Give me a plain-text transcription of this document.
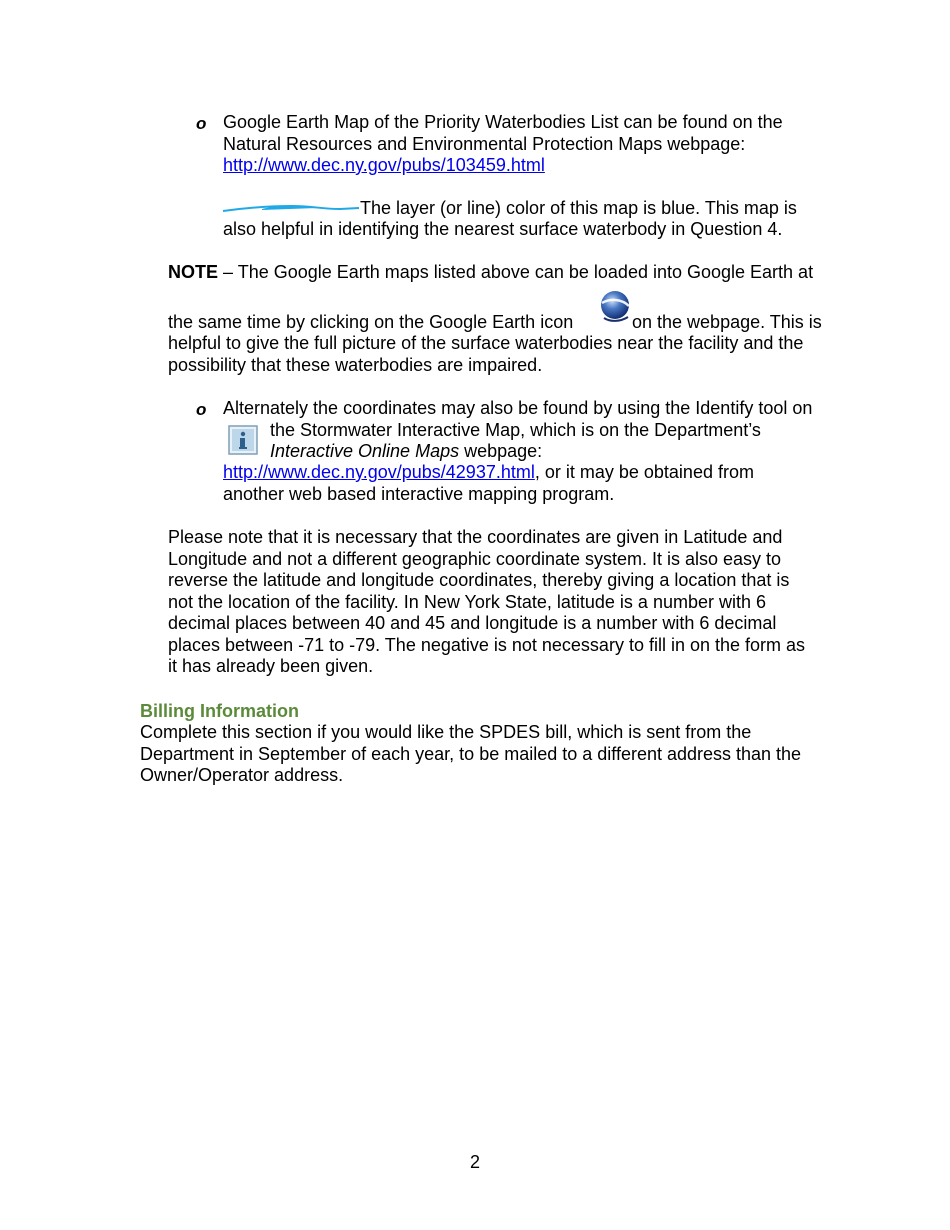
o Google Earth Map of the Priority Waterbodies List can be found on the

Natural Resources and Environmental Protection Maps webpage:

http://www.dec.ny.gov/pubs/103459.html

The layer (or line) color of this map is blue. This map is
also helpful in identifying the nearest surface waterbody in Question 4.
NOTE – The Google Earth maps listed above can be loaded into Google Earth at
the same time by clicking on the Google Earth icon	on the webpage. This is
helpful to give the full picture of the surface waterbodies near the facility and the
possibility that these waterbodies are impaired.
o Alternately the coordinates may also be found by using the Identify tool on
the Stormwater Interactive Map, which is on the Department’s
Interactive Online Maps webpage:
http://www.dec.ny.gov/pubs/42937.html, or it may be obtained from
another web based interactive mapping program.

Please note that it is necessary that the coordinates are given in Latitude and

Longitude and not a different geographic coordinate system. It is also easy to

reverse the latitude and longitude coordinates, thereby giving a location that is

not the location of the facility. In New York State, latitude is a number with 6

decimal places between 40 and 45 and longitude is a number with 6 decimal

places between -71 to -79. The negative is not necessary to fill in on the form as

it has already been given.

Billing Information

Complete this section if you would like the SPDES bill, which is sent from the

Department in September of each year, to be mailed to a different address than the

Owner/Operator address.

2
